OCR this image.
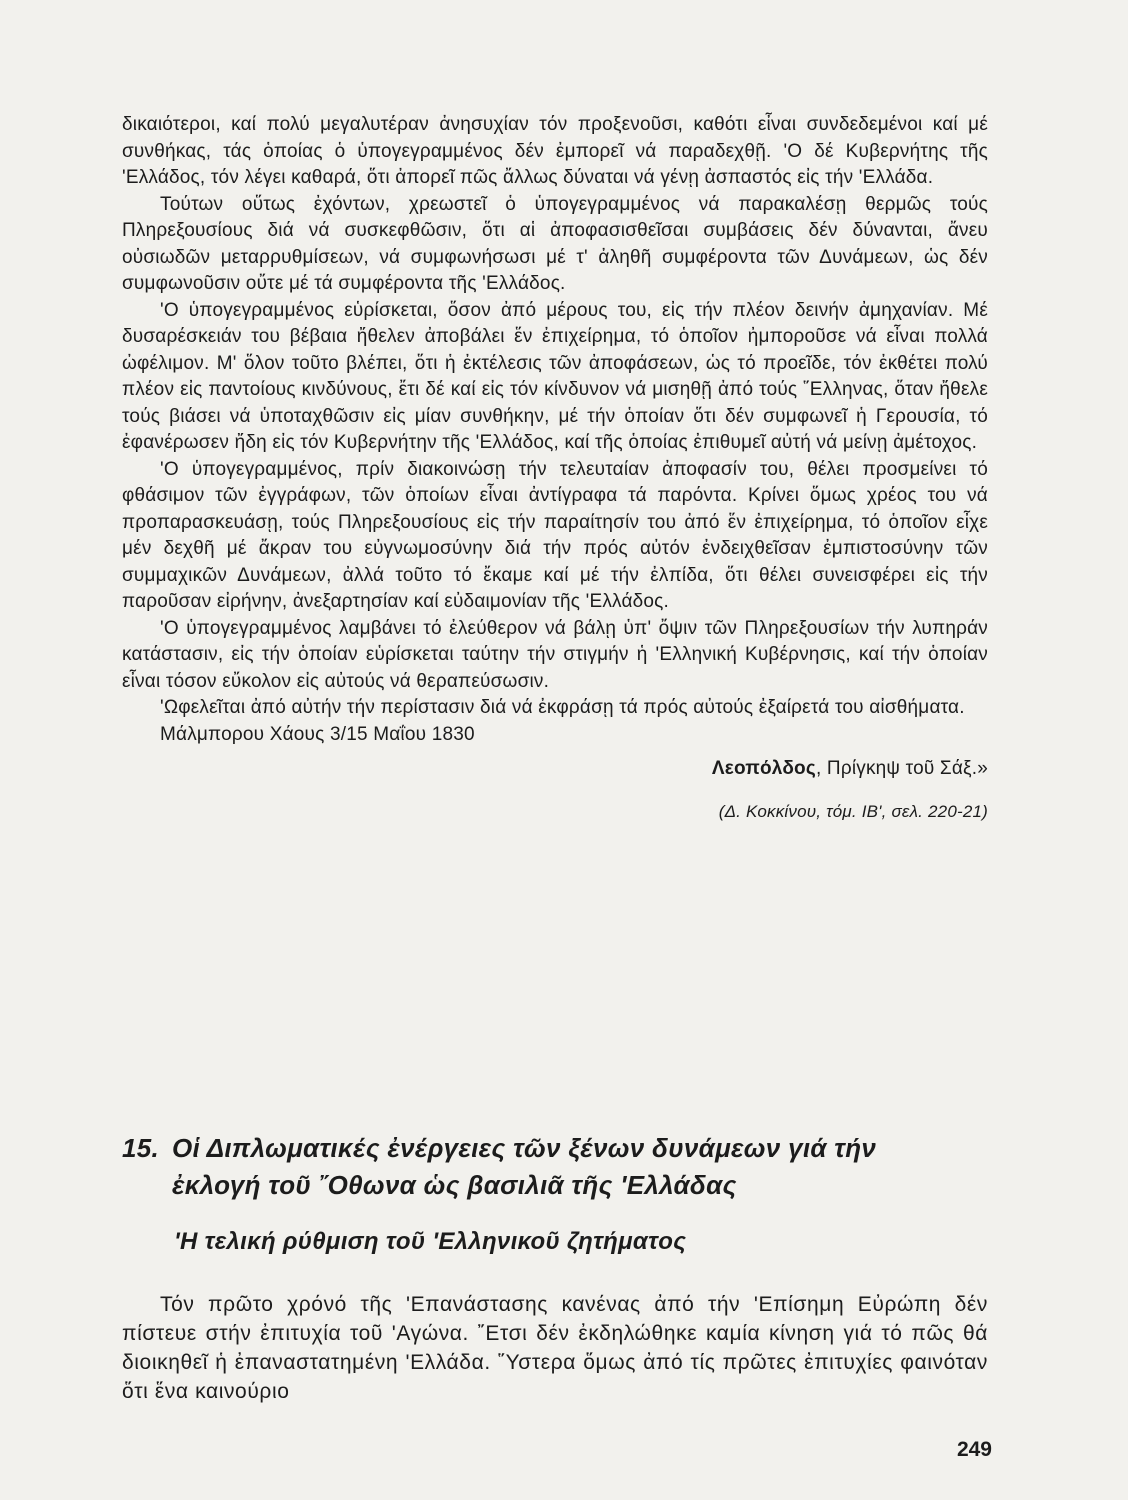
δικαιότεροι, καί πολύ μεγαλυτέραν ἀνησυχίαν τόν προξενοῦσι, καθότι εἶναι συνδεδεμένοι καί μέ συνθήκας, τάς ὁποίας ὁ ὑπογεγραμμένος δέν ἐμπορεῖ νά παραδεχθῇ. 'Ο δέ Κυβερνήτης τῆς 'Ελλάδος, τόν λέγει καθαρά, ὅτι ἀπορεῖ πῶς ἄλλως δύναται νά γένῃ ἀσπαστός εἰς τήν 'Ελλάδα.

Τούτων οὕτως ἐχόντων, χρεωστεῖ ὁ ὑπογεγραμμένος νά παρακαλέσῃ θερμῶς τούς Πληρεξουσίους διά νά συσκεφθῶσιν, ὅτι αἱ ἀποφασισθεῖσαι συμβάσεις δέν δύνανται, ἄνευ οὐσιωδῶν μεταρρυθμίσεων, νά συμφωνήσωσι μέ τ' ἀληθῆ συμφέροντα τῶν Δυνάμεων, ὡς δέν συμφωνοῦσιν οὔτε μέ τά συμφέροντα τῆς 'Ελλάδος.

'Ο ὑπογεγραμμένος εὑρίσκεται, ὅσον ἀπό μέρους του, εἰς τήν πλέον δεινήν ἀμηχανίαν. Μέ δυσαρέσκειάν του βέβαια ἤθελεν ἀποβάλει ἕν ἐπιχείρημα, τό ὁποῖον ἠμποροῦσε νά εἶναι πολλά ὠφέλιμον. Μ' ὅλον τοῦτο βλέπει, ὅτι ἡ ἐκτέλεσις τῶν ἀποφάσεων, ὡς τό προεῖδε, τόν ἐκθέτει πολύ πλέον εἰς παντοίους κινδύνους, ἔτι δέ καί εἰς τόν κίνδυνον νά μισηθῇ ἀπό τούς ῞Ελληνας, ὅταν ἤθελε τούς βιάσει νά ὑποταχθῶσιν εἰς μίαν συνθήκην, μέ τήν ὁποίαν ὅτι δέν συμφωνεῖ ἡ Γερουσία, τό ἐφανέρωσεν ἤδη εἰς τόν Κυβερνήτην τῆς 'Ελλάδος, καί τῆς ὁποίας ἐπιθυμεῖ αὐτή νά μείνῃ ἀμέτοχος.

'Ο ὑπογεγραμμένος, πρίν διακοινώσῃ τήν τελευταίαν ἀποφασίν του, θέλει προσμείνει τό φθάσιμον τῶν ἐγγράφων, τῶν ὁποίων εἶναι ἀντίγραφα τά παρόντα. Κρίνει ὅμως χρέος του νά προπαρασκευάσῃ, τούς Πληρεξουσίους εἰς τήν παραίτησίν του ἀπό ἕν ἐπιχείρημα, τό ὁποῖον εἶχε μέν δεχθῆ μέ ἄκραν του εὐγνωμοσύνην διά τήν πρός αὐτόν ἐνδειχθεῖσαν ἐμπιστοσύνην τῶν συμμαχικῶν Δυνάμεων, ἀλλά τοῦτο τό ἔκαμε καί μέ τήν ἐλπίδα, ὅτι θέλει συνεισφέρει εἰς τήν παροῦσαν εἰρήνην, ἀνεξαρτησίαν καί εὐδαιμονίαν τῆς 'Ελλάδος.

'Ο ὑπογεγραμμένος λαμβάνει τό ἐλεύθερον νά βάλῃ ὑπ' ὄψιν τῶν Πληρεξουσίων τήν λυπηράν κατάστασιν, εἰς τήν ὁποίαν εὑρίσκεται ταύτην τήν στιγμήν ἡ 'Ελληνική Κυβέρνησις, καί τήν ὁποίαν εἶναι τόσον εὔκολον εἰς αὐτούς νά θεραπεύσωσιν.

'Ωφελεῖται ἀπό αὐτήν τήν περίστασιν διά νά ἐκφράσῃ τά πρός αὐτούς ἐξαίρετά του αἰσθήματα.

Μάλμπορου Χάους 3/15 Μαΐου 1830

Λεοπόλδος, Πρίγκηψ τοῦ Σάξ.»

(Δ. Κοκκίνου, τόμ. ΙΒ', σελ. 220-21)

15. Οἱ Διπλωματικές ἐνέργειες τῶν ξένων δυνάμεων γιά τήν
ἐκλογή τοῦ ῎Οθωνα ὡς βασιλιᾶ τῆς 'Ελλάδας
'Η τελική ρύθμιση τοῦ 'Ελληνικοῦ ζητήματος

Τόν πρῶτο χρόνό τῆς 'Επανάστασης κανένας ἀπό τήν 'Επίσημη Εὐρώπη δέν πίστευε στήν ἐπιτυχία τοῦ 'Αγώνα. ῎Ετσι δέν ἐκδηλώθηκε καμία κίνηση γιά τό πῶς θά διοικηθεῖ ἡ ἐπαναστατημένη 'Ελλάδα. ῞Υστερα ὅμως ἀπό τίς πρῶτες ἐπιτυχίες φαινόταν ὅτι ἕνα καινούριο

249
